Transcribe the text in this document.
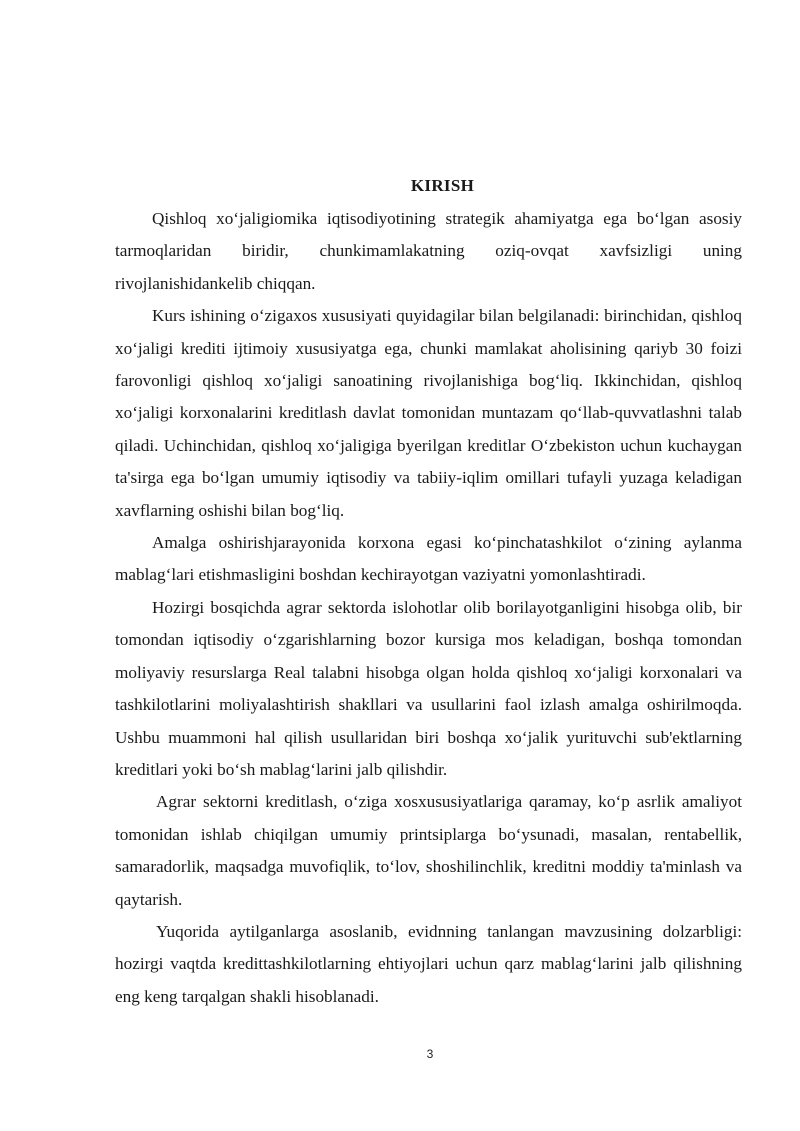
KIRISH

Qishloq xo‘jaligiomika iqtisodiyotining strategik ahamiyatga ega bo‘lgan asosiy tarmoqlaridan biridir, chunkimamlakatning oziq-ovqat xavfsizligi uning rivojlanishidankelib chiqqan.

Kurs ishining o‘zigaxos xususiyati quyidagilar bilan belgilanadi: birinchidan, qishloq xo‘jaligi krediti ijtimoiy xususiyatga ega, chunki mamlakat aholisining qariyb 30 foizi farovonligi qishloq xo‘jaligi sanoatining rivojlanishiga bog‘liq. Ikkinchidan, qishloq xo‘jaligi korxonalarini kreditlash davlat tomonidan muntazam qo‘llab-quvvatlashni talab qiladi. Uchinchidan, qishloq xo‘jaligiga byerilgan kreditlar O‘zbekiston uchun kuchaygan ta'sirga ega bo‘lgan umumiy iqtisodiy va tabiiy-iqlim omillari tufayli yuzaga keladigan xavflarning oshishi bilan bog‘liq.

Amalga oshirishjarayonida korxona egasi ko‘pinchatashkilot o‘zining aylanma mablag‘lari etishmasligini boshdan kechirayotgan vaziyatni yomonlashtiradi.

Hozirgi bosqichda agrar sektorda islohotlar olib borilayotganligini hisobga olib, bir tomondan iqtisodiy o‘zgarishlarning bozor kursiga mos keladigan, boshqa tomondan moliyaviy resurslarga Real talabni hisobga olgan holda qishloq xo‘jaligi korxonalari va tashkilotlarini moliyalashtirish shakllari va usullarini faol izlash amalga oshirilmoqda. Ushbu muammoni hal qilish usullaridan biri boshqa xo‘jalik yurituvchi sub'ektlarning kreditlari yoki bo‘sh mablag‘larini jalb qilishdir.

Agrar sektorni kreditlash, o‘ziga xosxususiyatlariga qaramay, ko‘p asrlik amaliyot tomonidan ishlab chiqilgan umumiy printsiplarga bo‘ysunadi, masalan, rentabellik, samaradorlik, maqsadga muvofiqlik, to‘lov, shoshilinchlik, kreditni moddiy ta'minlash va qaytarish.

Yuqorida aytilganlarga asoslanib, evidnning tanlangan mavzusining dolzarbligi: hozirgi vaqtda kredittashkilotlarning ehtiyojlari uchun qarz mablag‘larini jalb qilishning eng keng tarqalgan shakli hisoblanadi.

3
